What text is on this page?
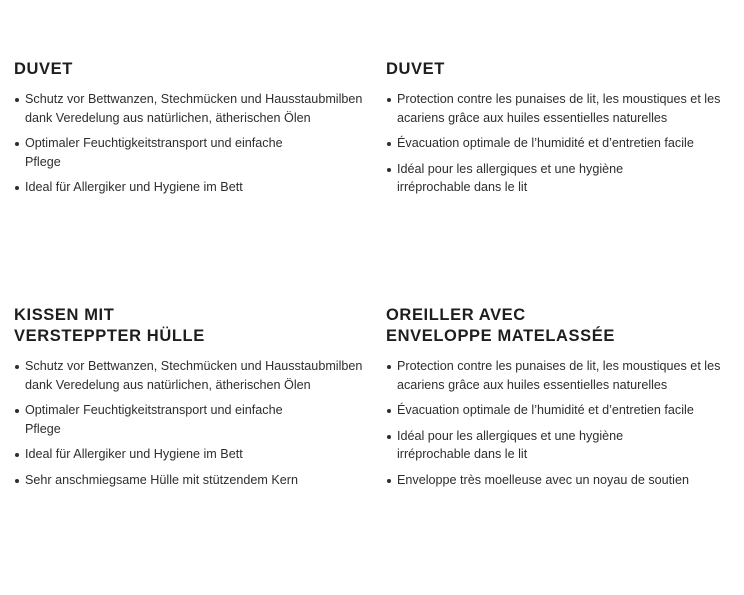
DUVET
Schutz vor Bettwanzen, Stechmücken und Hausstaubmilben dank Veredelung aus natürlichen, ätherischen Ölen
Optimaler Feuchtigkeitstransport und einfache Pflege
Ideal für Allergiker und Hygiene im Bett
DUVET
Protection contre les punaises de lit, les moustiques et les acariens grâce aux huiles essentielles naturelles
Évacuation optimale de l’humidité et d’entretien facile
Idéal pour les allergiques et une hygiène irréprochable dans le lit
KISSEN MIT
VERSTEPPTER HÜLLE
Schutz vor Bettwanzen, Stechmücken und Hausstaubmilben dank Veredelung aus natürlichen, ätherischen Ölen
Optimaler Feuchtigkeitstransport und einfache Pflege
Ideal für Allergiker und Hygiene im Bett
Sehr anschmiegsame Hülle mit stützendem Kern
OREILLER AVEC
ENVELOPPE MATELASSÉE
Protection contre les punaises de lit, les moustiques et les acariens grâce aux huiles essentielles naturelles
Évacuation optimale de l’humidité et d’entretien facile
Idéal pour les allergiques et une hygiène irréprochable dans le lit
Enveloppe très moelleuse avec un noyau de soutien
